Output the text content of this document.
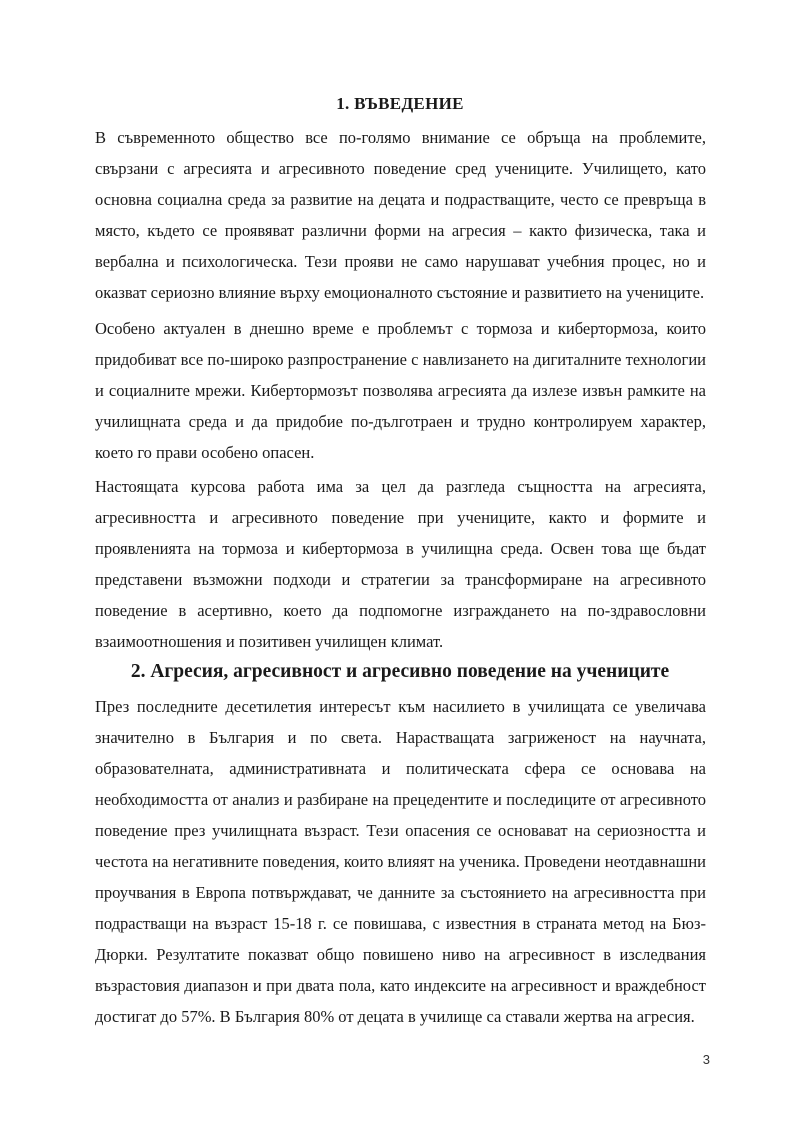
1. ВЪВЕДЕНИЕ

В съвременното общество все по-голямо внимание се обръща на проблемите, свързани с агресията и агресивното поведение сред учениците. Училището, като основна социална среда за развитие на децата и подрастващите, често се превръща в място, където се проявяват различни форми на агресия – както физическа, така и вербална и психологическа. Тези прояви не само нарушават учебния процес, но и оказват сериозно влияние върху емоционалното състояние и развитието на учениците.

Особено актуален в днешно време е проблемът с тормоза и кибертормоза, които придобиват все по-широко разпространение с навлизането на дигиталните технологии и социалните мрежи. Кибертормозът позволява агресията да излезе извън рамките на училищната среда и да придобие по-дълготраен и трудно контролируем характер, което го прави особено опасен.

Настоящата курсова работа има за цел да разгледа същността на агресията, агресивността и агресивното поведение при учениците, както и формите и проявленията на тормоза и кибертормоза в училищна среда. Освен това ще бъдат представени възможни подходи и стратегии за трансформиране на агресивното поведение в асертивно, което да подпомогне изграждането на по-здравословни взаимоотношения и позитивен училищен климат.

2. Агресия, агресивност и агресивно поведение на учениците

През последните десетилетия интересът към насилието в училищата се увеличава значително в България и по света. Нарастващата загриженост на научната, образователната, административната и политическата сфера се основава на необходимостта от анализ и разбиране на прецедентите и последиците от агресивното поведение през училищната възраст. Тези опасения се основават на сериозността и честота на негативните поведения, които влияят на ученика. Проведени неотдавнашни проучвания в Европа потвърждават, че данните за състоянието на агресивността при подрастващи на възраст 15-18 г. се повишава, с известния в страната метод на Бюз-Дюрки. Резултатите показват общо повишено ниво на агресивност в изследвания възрастовия диапазон и при двата пола, като индексите на агресивност и враждебност достигат до 57%. В България 80% от децата в училище са ставали жертва на агресия.

3
